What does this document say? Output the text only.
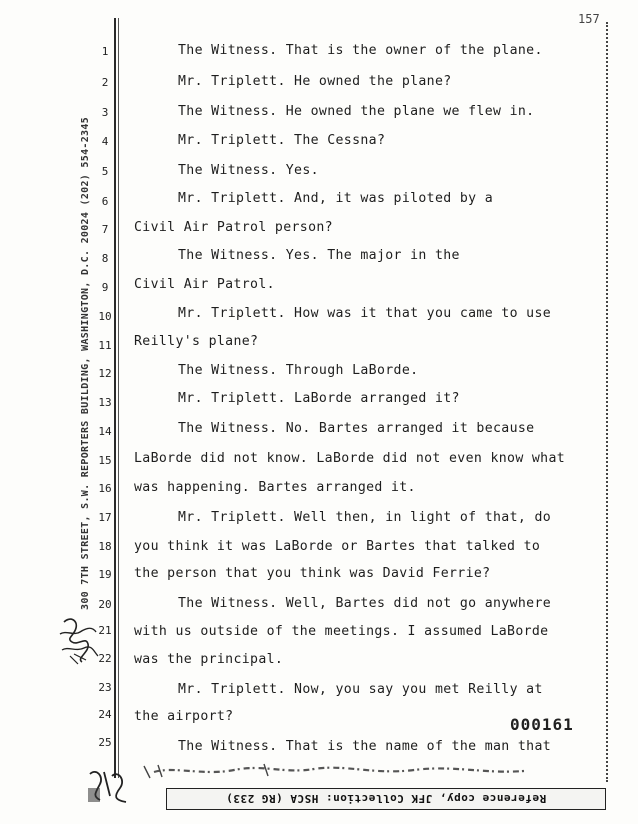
157
300 7TH STREET, S.W. REPORTERS BUILDING, WASHINGTON, D.C. 20024 (202) 554-2345
1	The Witness. That is the owner of the plane.
2	Mr. Triplett. He owned the plane?
3	The Witness. He owned the plane we flew in.
4	Mr. Triplett. The Cessna?
5	The Witness. Yes.
6	Mr. Triplett. And, it was piloted by a
7 Civil Air Patrol person?
8	The Witness. Yes. The major in the
9 Civil Air Patrol.
10	Mr. Triplett. How was it that you came to use
11 Reilly's plane?
12	The Witness. Through LaBorde.
13	Mr. Triplett. LaBorde arranged it?
14	The Witness. No. Bartes arranged it because
15 LaBorde did not know. LaBorde did not even know what
16 was happening. Bartes arranged it.
17	Mr. Triplett. Well then, in light of that, do
18 you think it was LaBorde or Bartes that talked to
19 the person that you think was David Ferrie?
20	The Witness. Well, Bartes did not go anywhere
21 with us outside of the meetings. I assumed LaBorde
22 was the principal.
23	Mr. Triplett. Now, you say you met Reilly at
24 the airport?	000161
25	The Witness. That is the name of the man that
Reference copy, JFK Collection: HSCA (RG 233)
